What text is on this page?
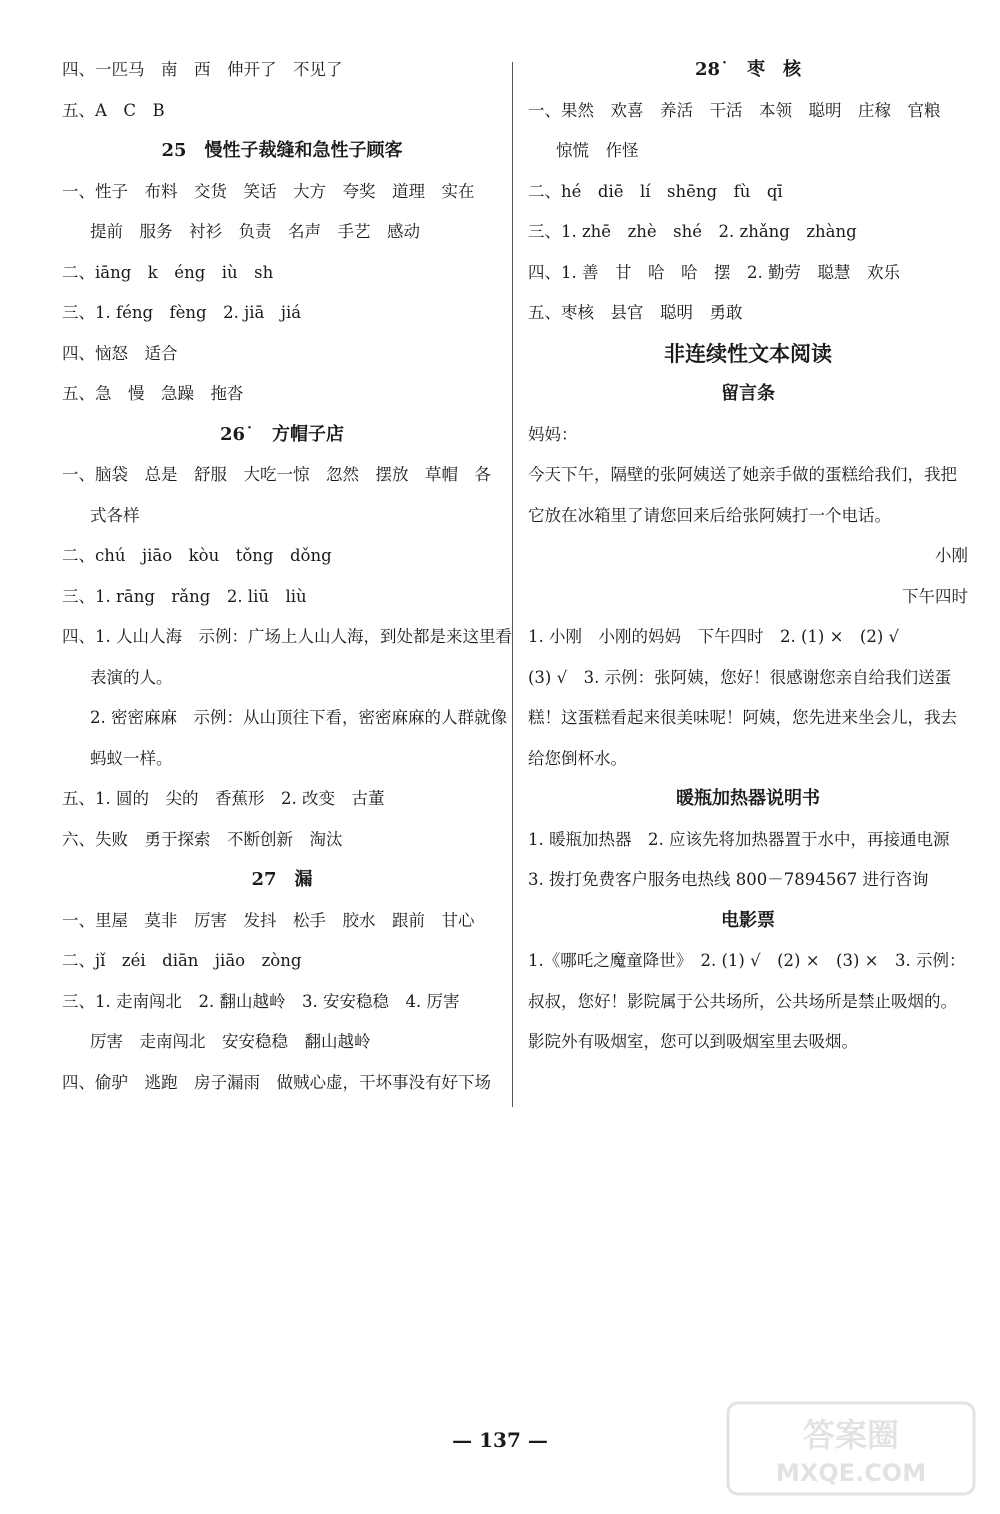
四、一匹马　南　西　伸开了　不见了
五、A　C　B
25　慢性子裁缝和急性子顾客
一、性子　布料　交货　笑话　大方　夸奖　道理　实在
提前　服务　衬衫　负责　名声　手艺　感动
二、iāng　k　éng　iù　sh
三、1. féng　fèng　2. jiā　jiá
四、恼怒　适合
五、急　慢　急躁　拖沓
26˙　方帽子店
一、脑袋　总是　舒服　大吃一惊　忽然　摆放　草帽　各
式各样
二、chú　jiāo　kòu　tǒng　dǒng
三、1. rāng　rǎng　2. liū　liù
四、1. 人山人海　示例：广场上人山人海，到处都是来这里看
表演的人。
2. 密密麻麻　示例：从山顶往下看，密密麻麻的人群就像
蚂蚁一样。
五、1. 圆的　尖的　香蕉形　2. 改变　古董
六、失败　勇于探索　不断创新　淘汰
27　漏
一、里屋　莫非　厉害　发抖　松手　胶水　跟前　甘心
二、jǐ　zéi　diān　jiāo　zòng
三、1. 走南闯北　2. 翻山越岭　3. 安安稳稳　4. 厉害
厉害　走南闯北　安安稳稳　翻山越岭
四、偷驴　逃跑　房子漏雨　做贼心虚，干坏事没有好下场
28˙　枣　核
一、果然　欢喜　养活　干活　本领　聪明　庄稼　官粮
惊慌　作怪
二、hé　diē　lí　shēng　fù　qī
三、1. zhē　zhè　shé　2. zhǎng　zhàng
四、1. 善　甘　哈　哈　摆　2. 勤劳　聪慧　欢乐
五、枣核　县官　聪明　勇敢
非连续性文本阅读
留言条
妈妈：
今天下午，隔壁的张阿姨送了她亲手做的蛋糕给我们，我把
它放在冰箱里了请您回来后给张阿姨打一个电话。
小刚
下午四时
1. 小刚　小刚的妈妈　下午四时　2. (1) ×　(2) √
(3) √　3. 示例：张阿姨，您好！很感谢您亲自给我们送蛋
糕！这蛋糕看起来很美味呢！阿姨，您先进来坐会儿，我去
给您倒杯水。
暖瓶加热器说明书
1. 暖瓶加热器　2. 应该先将加热器置于水中，再接通电源
3. 拨打免费客户服务电热线 800－7894567 进行咨询
电影票
1.《哪吒之魔童降世》　2. (1) √　(2) ×　(3) ×　3. 示例：
叔叔，您好！影院属于公共场所，公共场所是禁止吸烟的。
影院外有吸烟室，您可以到吸烟室里去吸烟。
— 137 —	答案圈
MXQE.COM
